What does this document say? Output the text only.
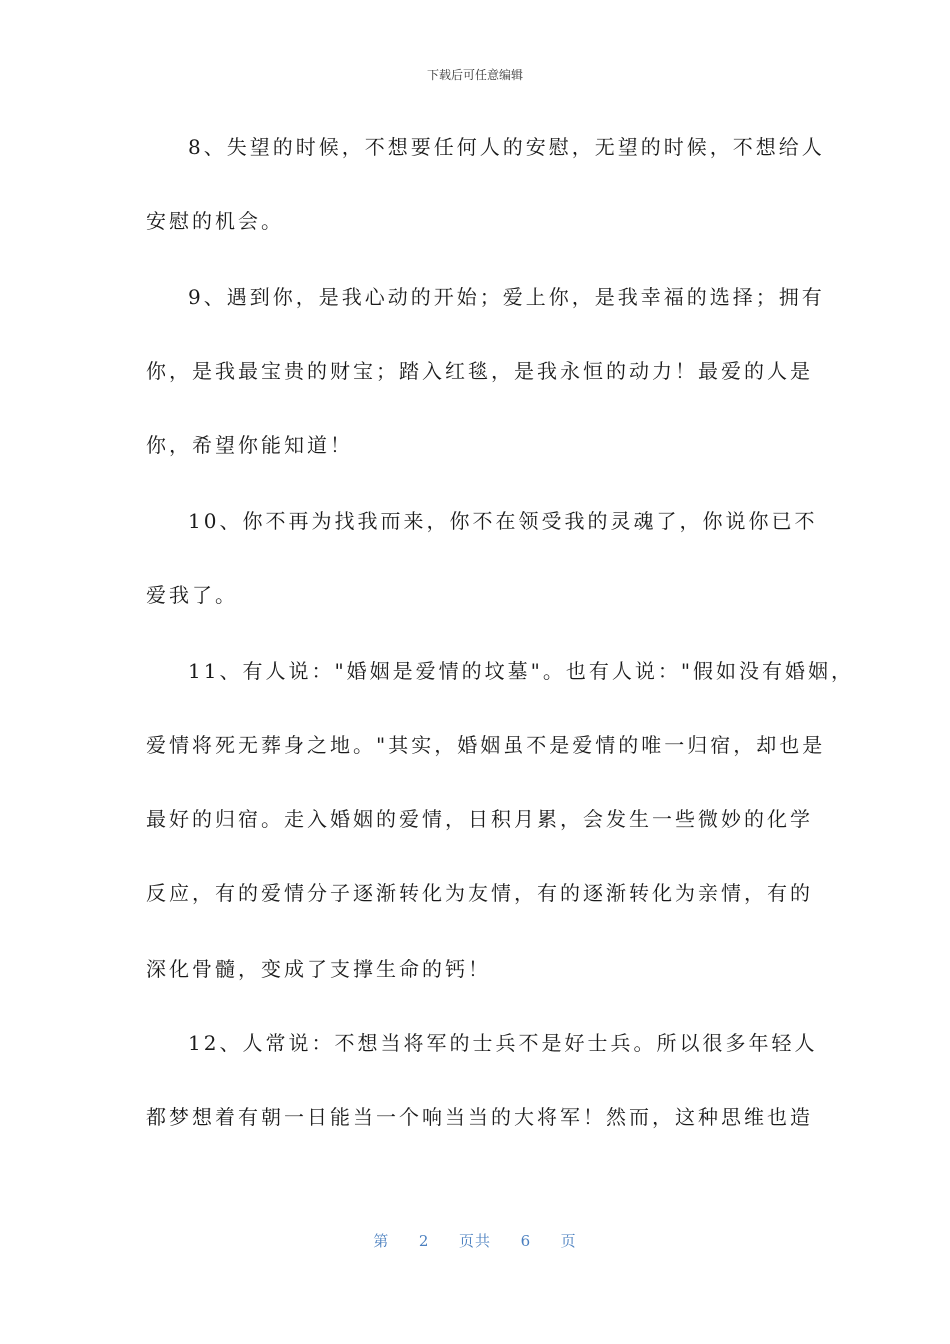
下载后可任意编辑
8、失望的时候，不想要任何人的安慰，无望的时候，不想给人
安慰的机会。
9、遇到你，是我心动的开始；爱上你，是我幸福的选择；拥有
你，是我最宝贵的财宝；踏入红毯，是我永恒的动力！最爱的人是
你，希望你能知道！
10、你不再为找我而来，你不在领受我的灵魂了，你说你已不
爱我了。
11、有人说："婚姻是爱情的坟墓"。也有人说："假如没有婚姻，
爱情将死无葬身之地。"其实，婚姻虽不是爱情的唯一归宿，却也是
最好的归宿。走入婚姻的爱情，日积月累，会发生一些微妙的化学
反应，有的爱情分子逐渐转化为友情，有的逐渐转化为亲情，有的
深化骨髓，变成了支撑生命的钙！
12、人常说：不想当将军的士兵不是好士兵。所以很多年轻人
都梦想着有朝一日能当一个响当当的大将军！然而，这种思维也造
第 2 页共 6 页
